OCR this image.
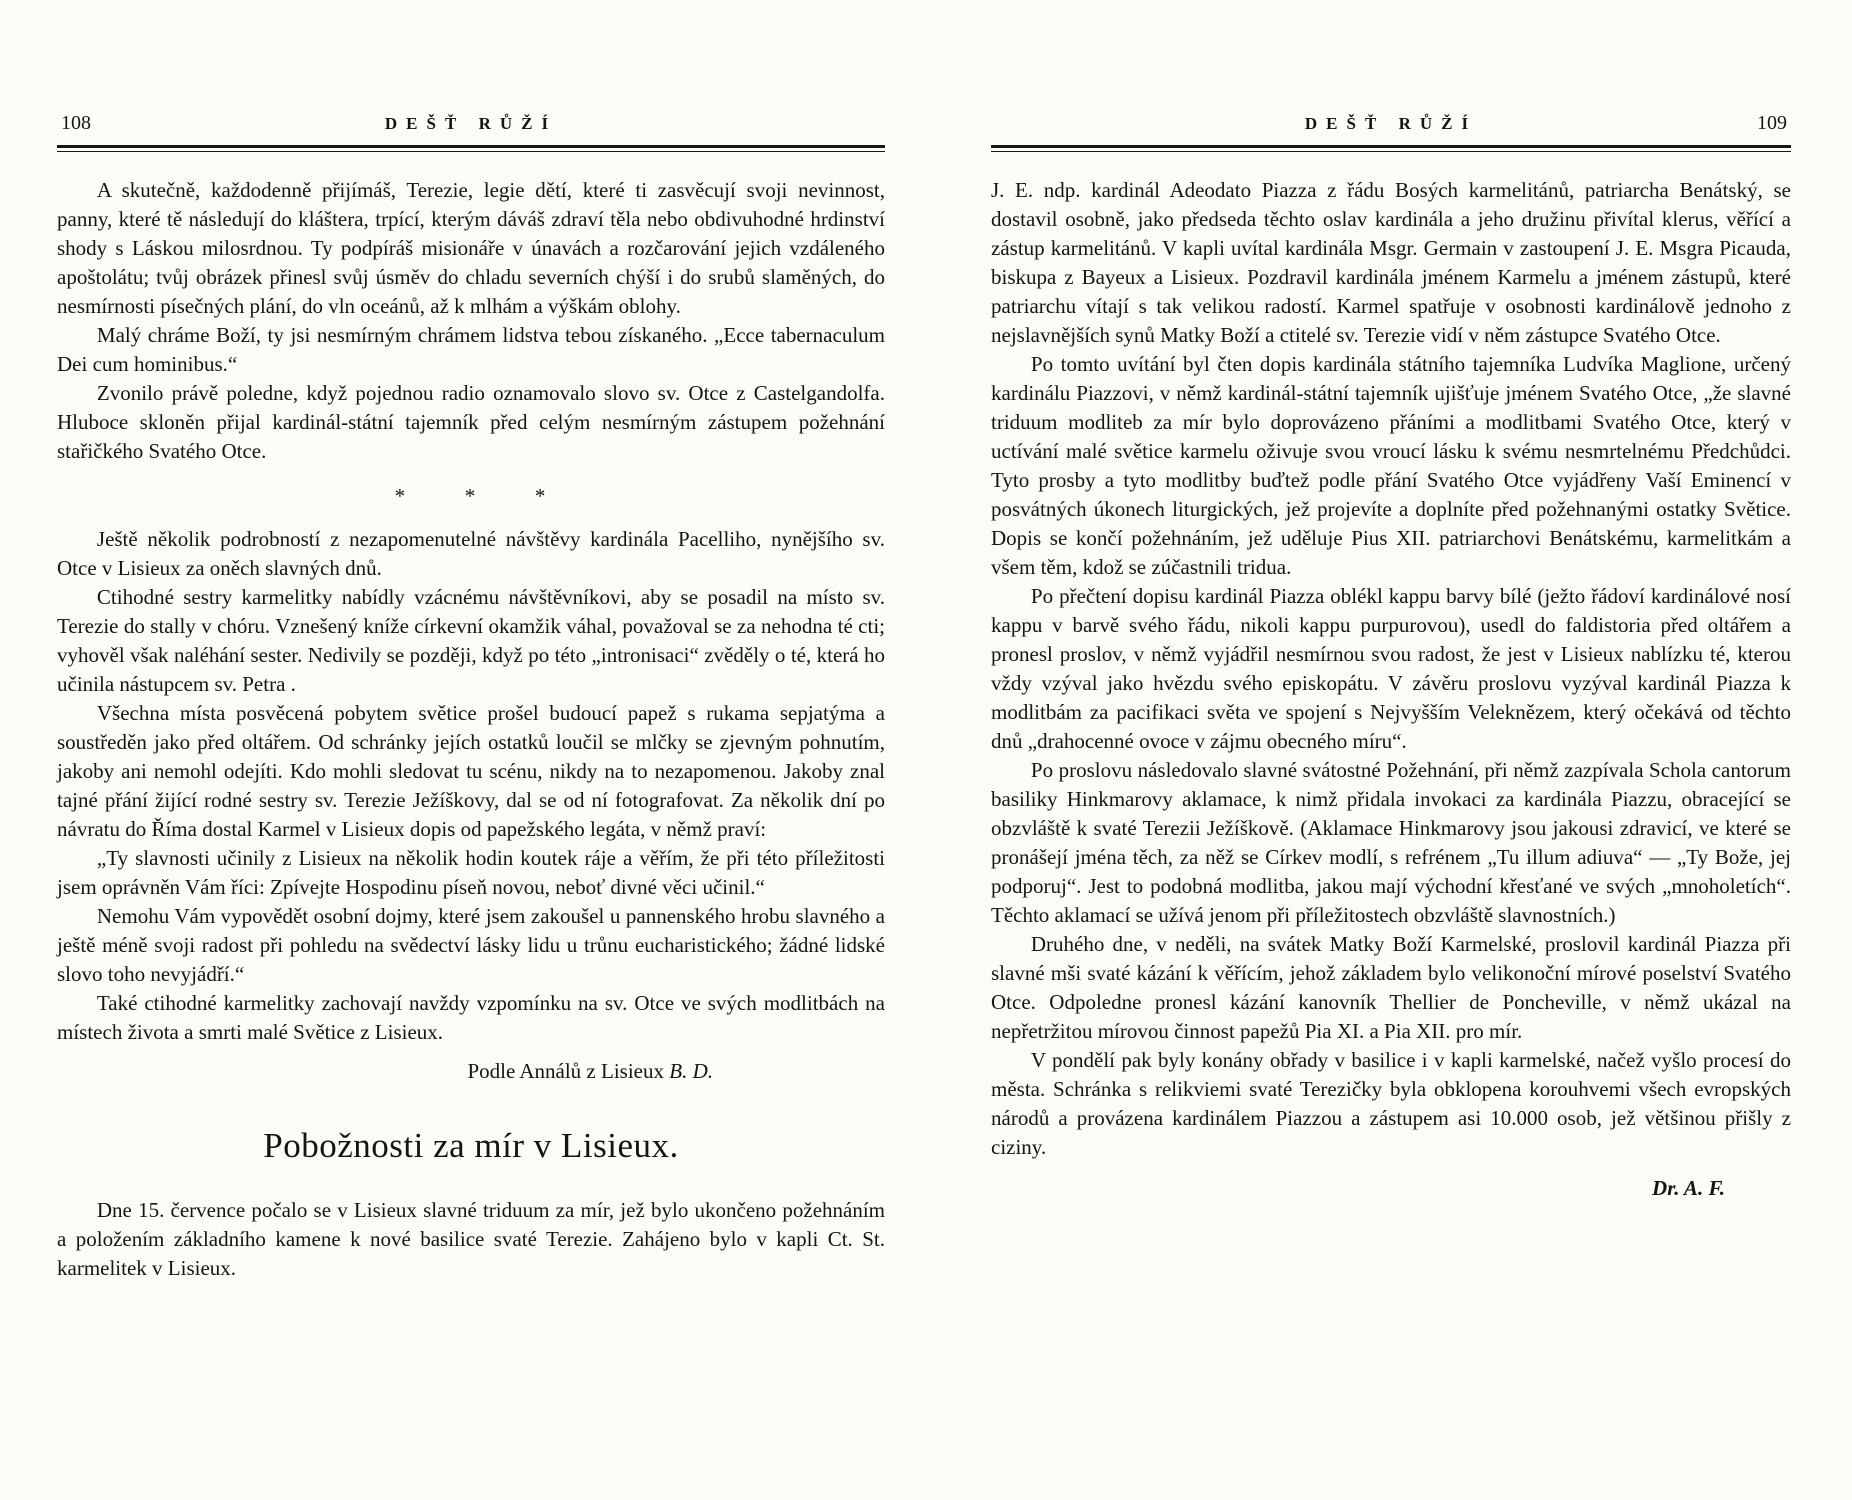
108	DEŠŤ RŮŽÍ

A skutečně, každodenně přijímáš, Terezie, legie dětí, které ti zasvěcují svoji nevinnost, panny, které tě následují do kláštera, trpící, kterým dáváš zdraví těla nebo obdivuhodné hrdinství shody s Láskou milosrdnou. Ty podpíráš misionáře v únavách a rozčarování jejich vzdáleného apoštolátu; tvůj obrázek přinesl svůj úsměv do chladu severních chýší i do srubů slaměných, do nesmírnosti písečných plání, do vln oceánů, až k mlhám a výškám oblohy.

Malý chráme Boží, ty jsi nesmírným chrámem lidstva tebou získaného. „Ecce tabernaculum Dei cum hominibus.“

Zvonilo právě poledne, když pojednou radio oznamovalo slovo sv. Otce z Castelgandolfa. Hluboce skloněn přijal kardinál-státní tajemník před celým nesmírným zástupem požehnání stařičkého Svatého Otce.

* * *

Ještě několik podrobností z nezapomenutelné návštěvy kardinála Pacelliho, nynějšího sv. Otce v Lisieux za oněch slavných dnů.

Ctihodné sestry karmelitky nabídly vzácnému návštěvníkovi, aby se posadil na místo sv. Terezie do stally v chóru. Vznešený kníže církevní okamžik váhal, považoval se za nehodna té cti; vyhověl však naléhání sester. Nedivily se později, když po této „intronisaci“ zvěděly o té, která ho učinila nástupcem sv. Petra .

Všechna místa posvěcená pobytem světice prošel budoucí papež s rukama sepjatýma a soustředěn jako před oltářem. Od schránky jejích ostatků loučil se mlčky se zjevným pohnutím, jakoby ani nemohl odejíti. Kdo mohli sledovat tu scénu, nikdy na to nezapomenou. Jakoby znal tajné přání žijící rodné sestry sv. Terezie Ježíškovy, dal se od ní fotografovat. Za několik dní po návratu do Říma dostal Karmel v Lisieux dopis od papežského legáta, v němž praví:

„Ty slavnosti učinily z Lisieux na několik hodin koutek ráje a věřím, že při této příležitosti jsem oprávněn Vám říci: Zpívejte Hospodinu píseň novou, neboť divné věci učinil.“

Nemohu Vám vypovědět osobní dojmy, které jsem zakoušel u pannenského hrobu slavného a ještě méně svoji radost při pohledu na svědectví lásky lidu u trůnu eucharistického; žádné lidské slovo toho nevyjádří.“

Také ctihodné karmelitky zachovají navždy vzpomínku na sv. Otce ve svých modlitbách na místech života a smrti malé Světice z Lisieux.

Podle Annálů z Lisieux B. D.

Pobožnosti za mír v Lisieux.

Dne 15. července počalo se v Lisieux slavné triduum za mír, jež bylo ukončeno požehnáním a položením základního kamene k nové basilice svaté Terezie. Zahájeno bylo v kapli Ct. St. karmelitek v Lisieux.

DEŠŤ RŮŽÍ	109

J. E. ndp. kardinál Adeodato Piazza z řádu Bosých karmelitánů, patriarcha Benátský, se dostavil osobně, jako předseda těchto oslav kardinála a jeho družinu přivítal klerus, věřící a zástup karmelitánů. V kapli uvítal kardinála Msgr. Germain v zastoupení J. E. Msgra Picauda, biskupa z Bayeux a Lisieux. Pozdravil kardinála jménem Karmelu a jménem zástupů, které patriarchu vítají s tak velikou radostí. Karmel spatřuje v osobnosti kardinálově jednoho z nejslavnějších synů Matky Boží a ctitelé sv. Terezie vidí v něm zástupce Svatého Otce.

Po tomto uvítání byl čten dopis kardinála státního tajemníka Ludvíka Maglione, určený kardinálu Piazzovi, v němž kardinál-státní tajemník ujišťuje jménem Svatého Otce, „že slavné triduum modliteb za mír bylo doprovázeno přáními a modlitbami Svatého Otce, který v uctívání malé světice karmelu oživuje svou vroucí lásku k svému nesmrtelnému Předchůdci. Tyto prosby a tyto modlitby buďtež podle přání Svatého Otce vyjádřeny Vaší Eminencí v posvátných úkonech liturgických, jež projevíte a doplníte před požehnanými ostatky Světice. Dopis se končí požehnáním, jež uděluje Pius XII. patriarchovi Benátskému, karmelitkám a všem těm, kdož se zúčastnili tridua.

Po přečtení dopisu kardinál Piazza oblékl kappu barvy bílé (ježto řádoví kardinálové nosí kappu v barvě svého řádu, nikoli kappu purpurovou), usedl do faldistoria před oltářem a pronesl proslov, v němž vyjádřil nesmírnou svou radost, že jest v Lisieux nablízku té, kterou vždy vzýval jako hvězdu svého episkopátu. V závěru proslovu vyzýval kardinál Piazza k modlitbám za pacifikaci světa ve spojení s Nejvyšším Veleknězem, který očekává od těchto dnů „drahocenné ovoce v zájmu obecného míru“.

Po proslovu následovalo slavné svátostné Požehnání, při němž zazpívala Schola cantorum basiliky Hinkmarovy aklamace, k nimž přidala invokaci za kardinála Piazzu, obracející se obzvláště k svaté Terezii Ježíškově. (Aklamace Hinkmarovy jsou jakousi zdravicí, ve které se pronášejí jména těch, za něž se Církev modlí, s refrénem „Tu illum adiuva“ — „Ty Bože, jej podporuj“. Jest to podobná modlitba, jakou mají východní křesťané ve svých „mnoholetích“. Těchto aklamací se užívá jenom při příležitostech obzvláště slavnostních.)

Druhého dne, v neděli, na svátek Matky Boží Karmelské, proslovil kardinál Piazza při slavné mši svaté kázání k věřícím, jehož základem bylo velikonoční mírové poselství Svatého Otce. Odpoledne pronesl kázání kanovník Thellier de Poncheville, v němž ukázal na nepřetržitou mírovou činnost papežů Pia XI. a Pia XII. pro mír.

V pondělí pak byly konány obřady v basilice i v kapli karmelské, načež vyšlo procesí do města. Schránka s relikviemi svaté Terezičky byla obklopena korouhvemi všech evropských národů a provázena kardinálem Piazzou a zástupem asi 10.000 osob, jež většinou přišly z ciziny.

Dr. A. F.
